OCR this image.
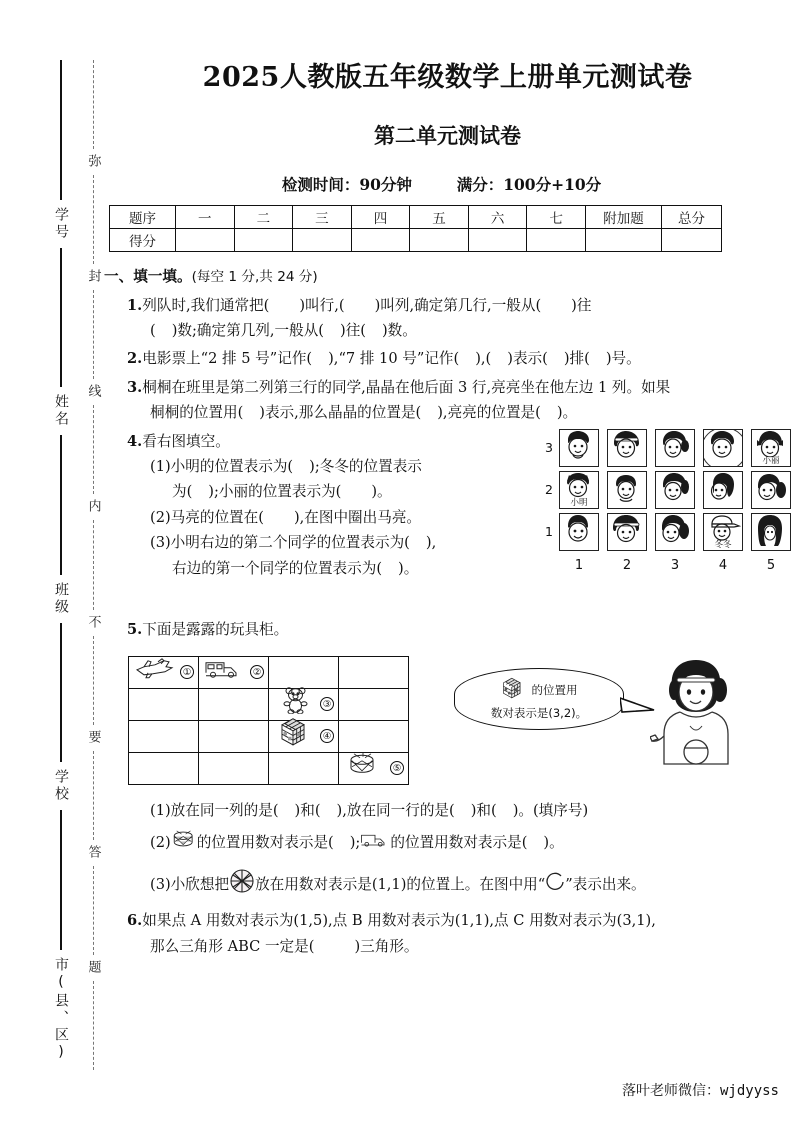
学号
姓名
班级
学校
市(县、区)
弥
封
线
内
不
要
答
题
2025人教版五年级数学上册单元测试卷
第二单元测试卷
检测时间：90分钟	满分：100分+10分
题序	一	二	三	四	五	六	七	附加题	总分
得分									
一、填一填。(每空 1 分,共 24 分)
1.列队时,我们通常把( )叫行,( )叫列,确定第几行,一般从( )往
( )数;确定第几列,一般从( )往( )数。
2.电影票上“2 排 5 号”记作( ),“7 排 10 号”记作( ),( )表示( )排( )号。
3.桐桐在班里是第二列第三行的同学,晶晶在他后面 3 行,亮亮坐在他左边 1 列。如果
桐桐的位置用( )表示,那么晶晶的位置是( ),亮亮的位置是( )。
4.看右图填空。
(1)小明的位置表示为( );冬冬的位置表示
为( );小丽的位置表示为( )。
(2)马亮的位置在( ),在图中圈出马亮。
(3)小明右边的第二个同学的位置表示为( ),
右边的第一个同学的位置表示为( )。
3
小丽
2
小明
1
冬冬
1	2	3	4	5
5.下面是露露的玩具柜。
①	②		

		③	

		④	

			⑤
的位置用
数对表示是(3,2)。
(1)放在同一列的是( )和( ),放在同一行的是( )和( )。(填序号)
(2) 的位置用数对表示是( ); 的位置用数对表示是( )。
(3)小欣想把 放在用数对表示是(1,1)的位置上。在图中用“ ”表示出来。
6.如果点 A 用数对表示为(1,5),点 B 用数对表示为(1,1),点 C 用数对表示为(3,1),
那么三角形 ABC 一定是(	)三角形。
落叶老师微信：wjdyyss
